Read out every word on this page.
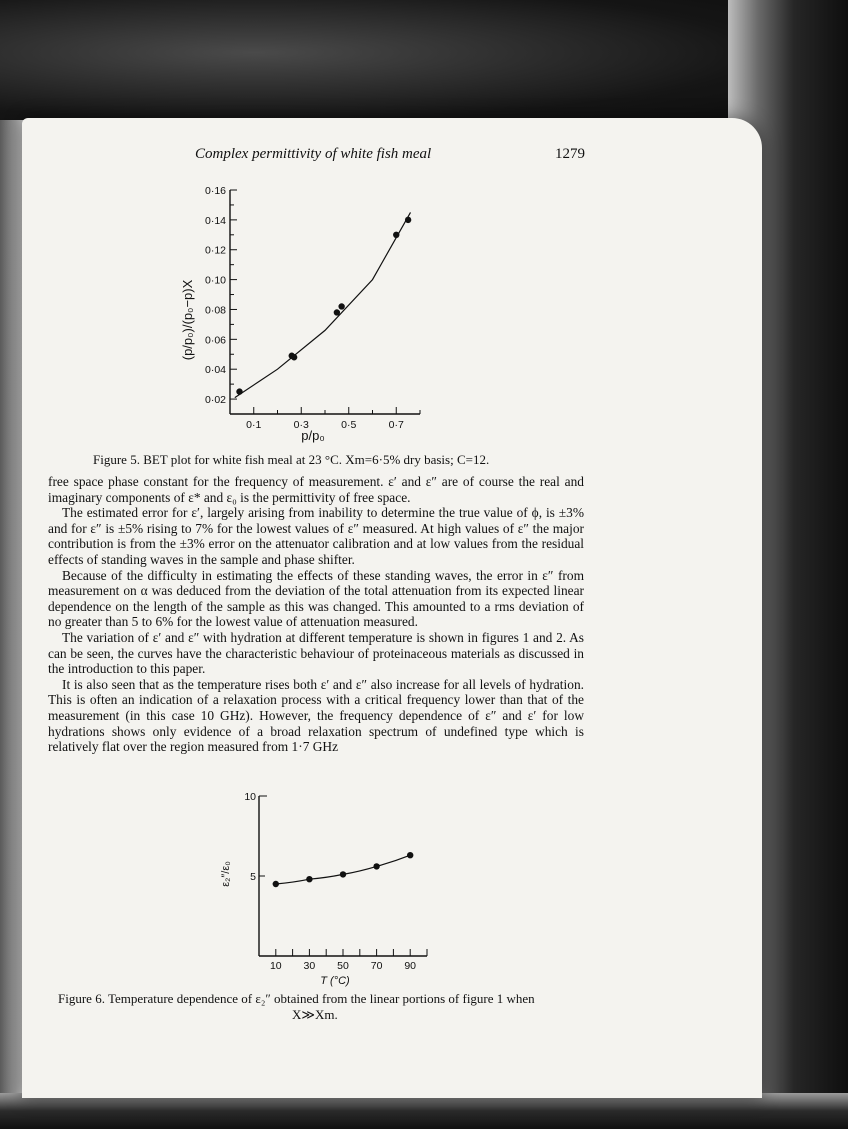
Complex permittivity of white fish meal	1279
0·02
0·04
0·06
0·08
0·10
0·12
0·14
0·16
0·1	0·3	0·5	0·7
(p/p₀)/(p₀−p)X
p/p₀
Figure 5. BET plot for white fish meal at 23 °C. Xm=6·5% dry basis; C=12.

free space phase constant for the frequency of measurement. ε′ and ε″ are of course the real and imaginary components of ε* and ε₀ is the permittivity of free space.

The estimated error for ε′, largely arising from inability to determine the true value of ϕ, is ±3% and for ε″ is ±5% rising to 7% for the lowest values of ε″ measured. At high values of ε″ the major contribution is from the ±3% error on the attenuator calibration and at low values from the residual effects of standing waves in the sample and phase shifter.

Because of the difficulty in estimating the effects of these standing waves, the error in ε″ from measurement on α was deduced from the deviation of the total attenuation from its expected linear dependence on the length of the sample as this was changed. This amounted to a rms deviation of no greater than 5 to 6% for the lowest value of attenuation measured.

The variation of ε′ and ε″ with hydration at different temperature is shown in figures 1 and 2. As can be seen, the curves have the characteristic behaviour of proteinaceous materials as discussed in the introduction to this paper.

It is also seen that as the temperature rises both ε′ and ε″ also increase for all levels of hydration. This is often an indication of a relaxation process with a critical frequency lower than that of the measurement (in this case 10 GHz). However, the frequency dependence of ε″ and ε′ for low hydrations shows only evidence of a broad relaxation spectrum of undefined type which is relatively flat over the region measured from 1·7 GHz

5
10
10 30 50 70 90
ε₂″/ε₀
T (°C)
Figure 6. Temperature dependence of ε₂″ obtained from the linear portions of figure 1 when
X≫Xm.
